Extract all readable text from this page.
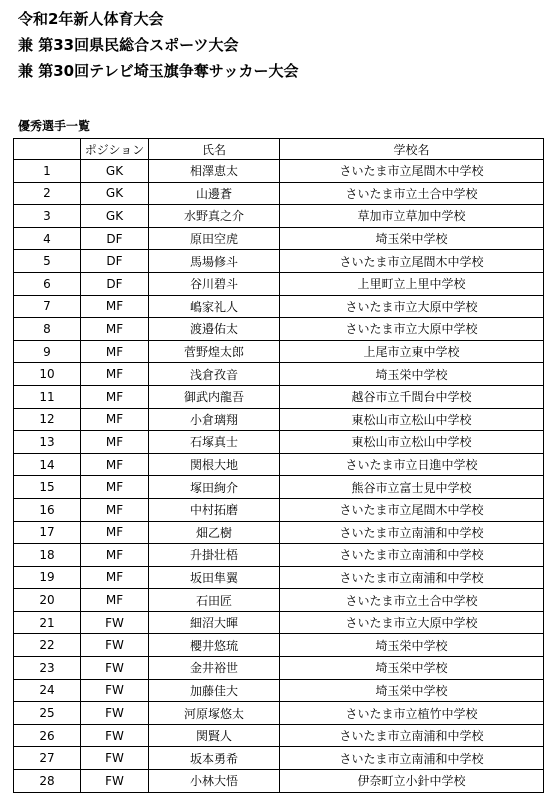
令和2年新人体育大会
兼 第33回県民総合スポーツ大会
兼 第30回テレビ埼玉旗争奪サッカー大会
優秀選手一覧
	ポジション	氏名	学校名
1	GK	相澤恵太	さいたま市立尾間木中学校
2	GK	山邊蒼	さいたま市立土合中学校
3	GK	水野真之介	草加市立草加中学校
4	DF	原田空虎	埼玉栄中学校
5	DF	馬場修斗	さいたま市立尾間木中学校
6	DF	谷川碧斗	上里町立上里中学校
7	MF	嶋家礼人	さいたま市立大原中学校
8	MF	渡邉佑太	さいたま市立大原中学校
9	MF	菅野煌太郎	上尾市立東中学校
10	MF	浅倉孜音	埼玉栄中学校
11	MF	御武内龍吾	越谷市立千間台中学校
12	MF	小倉璃翔	東松山市立松山中学校
13	MF	石塚真士	東松山市立松山中学校
14	MF	関根大地	さいたま市立日進中学校
15	MF	塚田絢介	熊谷市立富士見中学校
16	MF	中村拓磨	さいたま市立尾間木中学校
17	MF	畑乙樹	さいたま市立南浦和中学校
18	MF	升掛壮梧	さいたま市立南浦和中学校
19	MF	坂田隼翼	さいたま市立南浦和中学校
20	MF	石田匠	さいたま市立土合中学校
21	FW	細沼大暉	さいたま市立大原中学校
22	FW	櫻井悠琉	埼玉栄中学校
23	FW	金井裕世	埼玉栄中学校
24	FW	加藤佳大	埼玉栄中学校
25	FW	河原塚悠太	さいたま市立植竹中学校
26	FW	関賢人	さいたま市立南浦和中学校
27	FW	坂本勇希	さいたま市立南浦和中学校
28	FW	小林大悟	伊奈町立小針中学校
